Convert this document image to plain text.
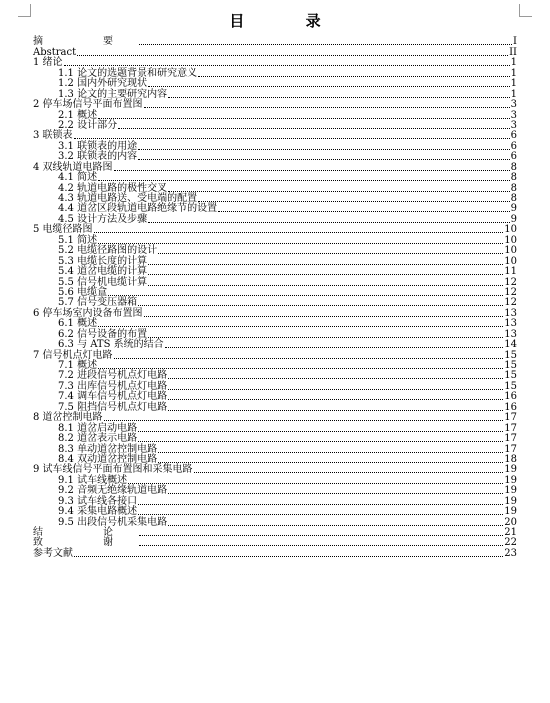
目 录
摘　要	I
Abstract	II
1 绪论	1
1.1 论文的选题背景和研究意义	1
1.2 国内外研究现状	1
1.3 论文的主要研究内容	1
2 停车场信号平面布置图	3
2.1 概述	3
2.2 设计部分	3
3 联锁表	6
3.1 联锁表的用途	6
3.2 联锁表的内容	6
4 双线轨道电路图	8
4.1 简述	8
4.2 轨道电路的极性交叉	8
4.3 轨道电路送、受电端的配置	8
4.4 道岔区段轨道电路绝缘节的设置	9
4.5 设计方法及步骤	9
5 电缆径路图	10
5.1 简述	10
5.2 电缆径路图的设计	10
5.3 电缆长度的计算	10
5.4 道岔电缆的计算	11
5.5 信号机电缆计算	12
5.6 电缆盒	12
5.7 信号变压器箱	12
6 停车场室内设备布置图	13
6.1 概述	13
6.2 信号设备的布置	13
6.3 与 ATS 系统的结合	14
7 信号机点灯电路	15
7.1 概述	15
7.2 进段信号机点灯电路	15
7.3 出库信号机点灯电路	15
7.4 调车信号机点灯电路	16
7.5 阻挡信号机点灯电路	16
8 道岔控制电路	17
8.1 道岔启动电路	17
8.2 道岔表示电路	17
8.3 单动道岔控制电路	17
8.4 双动道岔控制电路	18
9 试车线信号平面布置图和采集电路	19
9.1 试车线概述	19
9.2 音频无绝缘轨道电路	19
9.3 试车线各接口	19
9.4 采集电路概述	19
9.5 出段信号机采集电路	20
结　论	21
致　谢	22
参考文献	23
